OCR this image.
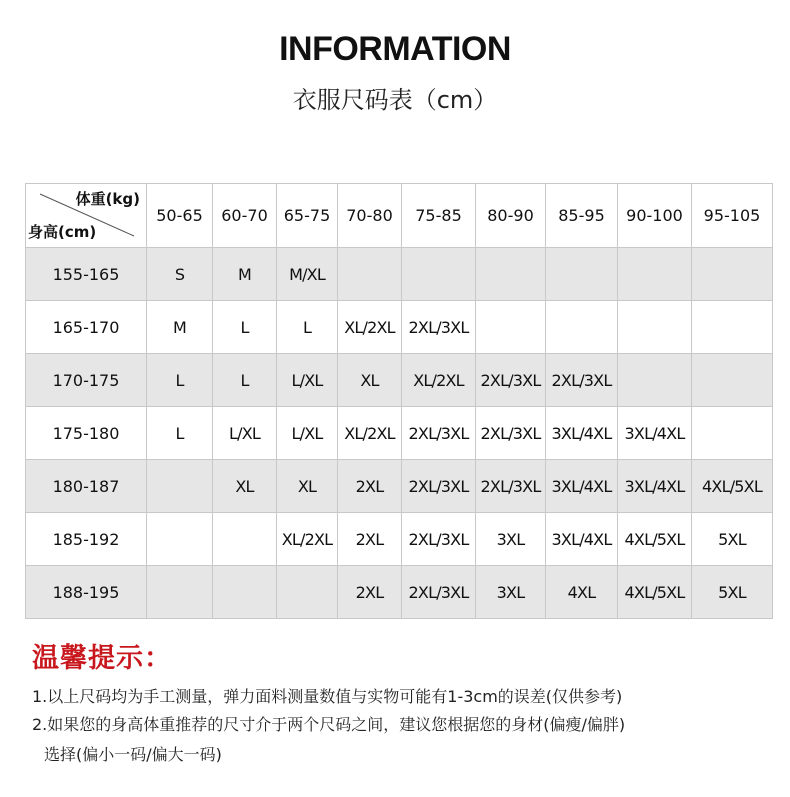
INFORMATION
衣服尺码表（cm）
体重(kg)
身高(cm)	50-65	60-70	65-75	70-80	75-85	80-90	85-95	90-100	95-105
155-165	S	M	M/XL						
165-170	M	L	L	XL/2XL	2XL/3XL				
170-175	L	L	L/XL	XL	XL/2XL	2XL/3XL	2XL/3XL		
175-180	L	L/XL	L/XL	XL/2XL	2XL/3XL	2XL/3XL	3XL/4XL	3XL/4XL	
180-187		XL	XL	2XL	2XL/3XL	2XL/3XL	3XL/4XL	3XL/4XL	4XL/5XL
185-192			XL/2XL	2XL	2XL/3XL	3XL	3XL/4XL	4XL/5XL	5XL
188-195				2XL	2XL/3XL	3XL	4XL	4XL/5XL	5XL
温馨提示：
1.以上尺码均为手工测量，弹力面料测量数值与实物可能有1-3cm的误差(仅供参考)
2.如果您的身高体重推荐的尺寸介于两个尺码之间，建议您根据您的身材(偏瘦/偏胖)
选择(偏小一码/偏大一码)
